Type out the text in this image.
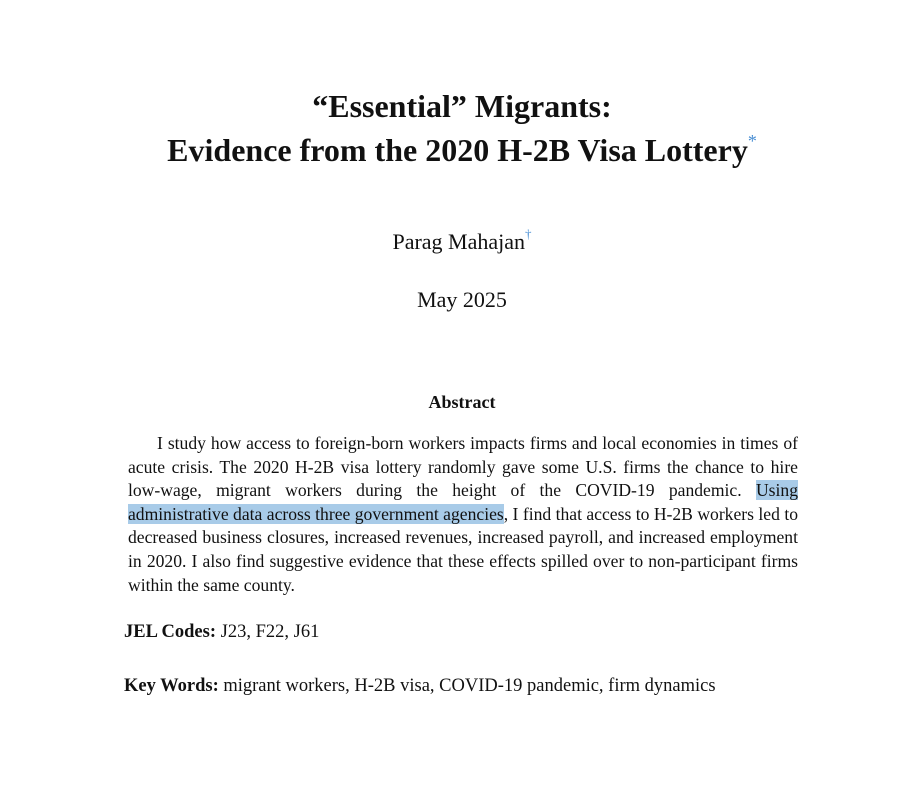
“Essential” Migrants:
Evidence from the 2020 H-2B Visa Lottery*
Parag Mahajan†
May 2025
Abstract

I study how access to foreign-born workers impacts firms and local economies in times of acute crisis. The 2020 H-2B visa lottery randomly gave some U.S. firms the chance to hire low-wage, migrant workers during the height of the COVID-19 pandemic. Using administrative data across three government agencies, I find that access to H-2B workers led to decreased business closures, increased revenues, increased payroll, and increased employment in 2020. I also find suggestive evidence that these effects spilled over to non-participant firms within the same county.

JEL Codes: J23, F22, J61
Key Words: migrant workers, H-2B visa, COVID-19 pandemic, firm dynamics
